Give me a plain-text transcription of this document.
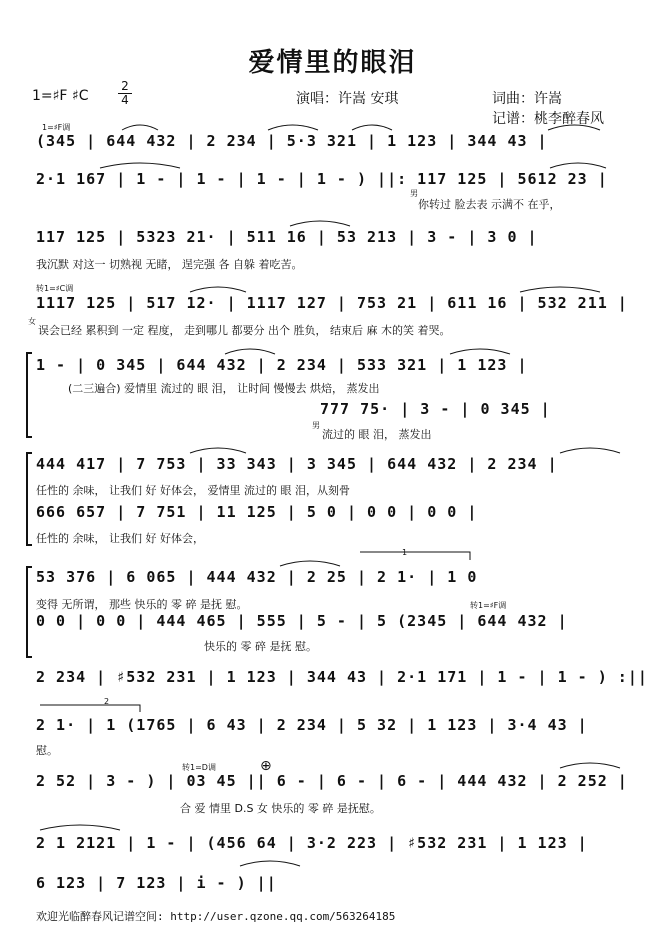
爱情里的眼泪
1=♯F ♯C
2
4	演唱：许嵩 安琪	词曲：许嵩
记谱：桃李醉春风
1=♯F调
(345 | 644 432 | 2 234 | 5·3 321 | 1 123 | 344 43 |
2·1 167 | 1 - | 1 - | 1 - | 1 - ) ||: 117 125 | 5612 23 |
你转过 脸去表 示满不 在乎，
男
117 125 | 5323 21· | 511 16 | 53 213 | 3 - | 3 0 |
我沉默 对这一 切熟视 无睹， 逞完强 各 自躲 着吃苦。
转1=♯C调
1117 125 | 517 12· | 1117 127 | 753 21 | 611 16 | 532 211 |
误会已经 累积到 一定 程度， 走到哪儿 都要分 出个 胜负， 结束后 麻 木的笑 着哭。
女
1 - | 0 345 | 644 432 | 2 234 | 533 321 | 1 123 |
(二三遍合) 爱情里 流过的 眼 泪， 让时间 慢慢去 烘焙， 蒸发出
777 75· | 3 - | 0 345 |
流过的 眼 泪， 蒸发出
男
444 417 | 7 753 | 33 343 | 3 345 | 644 432 | 2 234 |
任性的 余味， 让我们 好 好体会， 爱情里 流过的 眼 泪，从刻骨
666 657 | 7 751 | 11 125 | 5 0 | 0 0 | 0 0 |
任性的 余味， 让我们 好 好体会，
1
53 376 | 6 065 | 444 432 | 2 25 | 2 1· | 1 0
变得 无所谓， 那些 快乐的 零 碎 是抚 慰。	转1=♯F调
0 0 | 0 0 | 444 465 | 555 | 5 - | 5 (2345 | 644 432 |
快乐的 零 碎 是抚 慰。
2 234 | ♯532 231 | 1 123 | 344 43 | 2·1 171 | 1 - | 1 - ) :||
2
2 1· | 1 (1765 | 6 43 | 2 234 | 5 32 | 1 123 | 3·4 43 |
慰。
转1=D调	⊕
2 52 | 3 - ) | 03 45 || 6 - | 6 - | 6 - | 444 432 | 2 252 |
合 爱 情里 D.S 女 快乐的 零 碎 是抚慰。
2 1 2121 | 1 - | (456 64 | 3·2 223 | ♯532 231 | 1 123 |
6 123 | 7 123 | i - ) ||
欢迎光临醉春风记谱空间: http://user.qzone.qq.com/563264185
